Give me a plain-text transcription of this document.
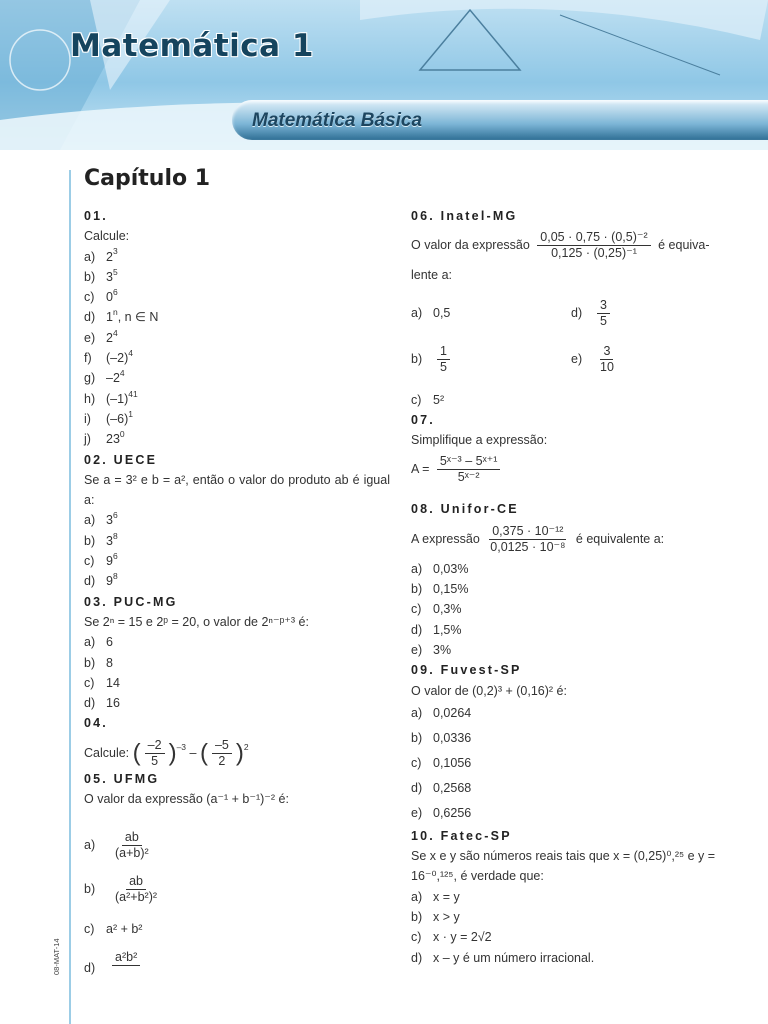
Matemática 1
Matemática Básica
Capítulo 1
08-MAT-14
01.
Calcule:
a) $2^3$
b) $3^5$
c) $0^6$
d) 1$^n$, n ∈ N
e) $2^4$
f)	$(-2)^4$
g) $-2^4$
h) $(-1)^{41}$
i)	$(-6)^1$
j)	$23^0$
02. UECE
Se a = 3² e b = a², então o valor do produto ab é igual a:
a) $3^6$
b) $3^8$
c) $9^6$
d) $9^8$
03. PUC-MG
Se 2ⁿ = 15 e 2ᵖ = 20, o valor de 2ⁿ⁻ᵖ⁺³ é:
a) 6
b) 8
c) 14
d) 16
04.
Calcule: ( $\frac{-2}{5} )^{-3}$ – ( $\frac{-5}{2} )^2$
05. UFMG
O valor da expressão (a⁻¹ + b⁻¹)⁻² é:
a)	$\frac{ab}{\text{(a+b)²}}$
b)	$\frac{ab}{\text{(a²+b²)²}}$
c) a² + b²
d)
a²b²
06. Inatel-MG
O valor da expressão $\frac{\text{0,05 · 0,75 · (0,5)⁻²}}{\text{0,125 · (0,25)⁻¹}}$ é equiva-
lente a:
a) 0,5	d)	$\frac{3}{5}$
b)	$\frac{1}{5}$	e)	$\frac{3}{10}$
c) 5²
07.
Simplifique a expressão:
$A = \frac{\text{5ˣ⁻³ – 5ˣ⁺¹}}{\text{5ˣ⁻²}}$
08. Unifor-CE
A expressão $\frac{\text{0,375 · 10⁻¹²}}{\text{0,0125 · 10⁻⁸}}$ é equivalente a:
a) 0,03%
b) 0,15%
c) 0,3%
d) 1,5%
e) 3%
09. Fuvest-SP
O valor de (0,2)³ + (0,16)² é:
a) 0,0264
b) 0,0336
c) 0,1056
d) 0,2568
e) 0,6256
10. Fatec-SP
Se x e y são números reais tais que x = (0,25)⁰,²⁵ e y = 16⁻⁰,¹²⁵, é verdade que:
a) x = y
b) x > y
c) x · y = 2√2
d) x – y é um número irracional.
